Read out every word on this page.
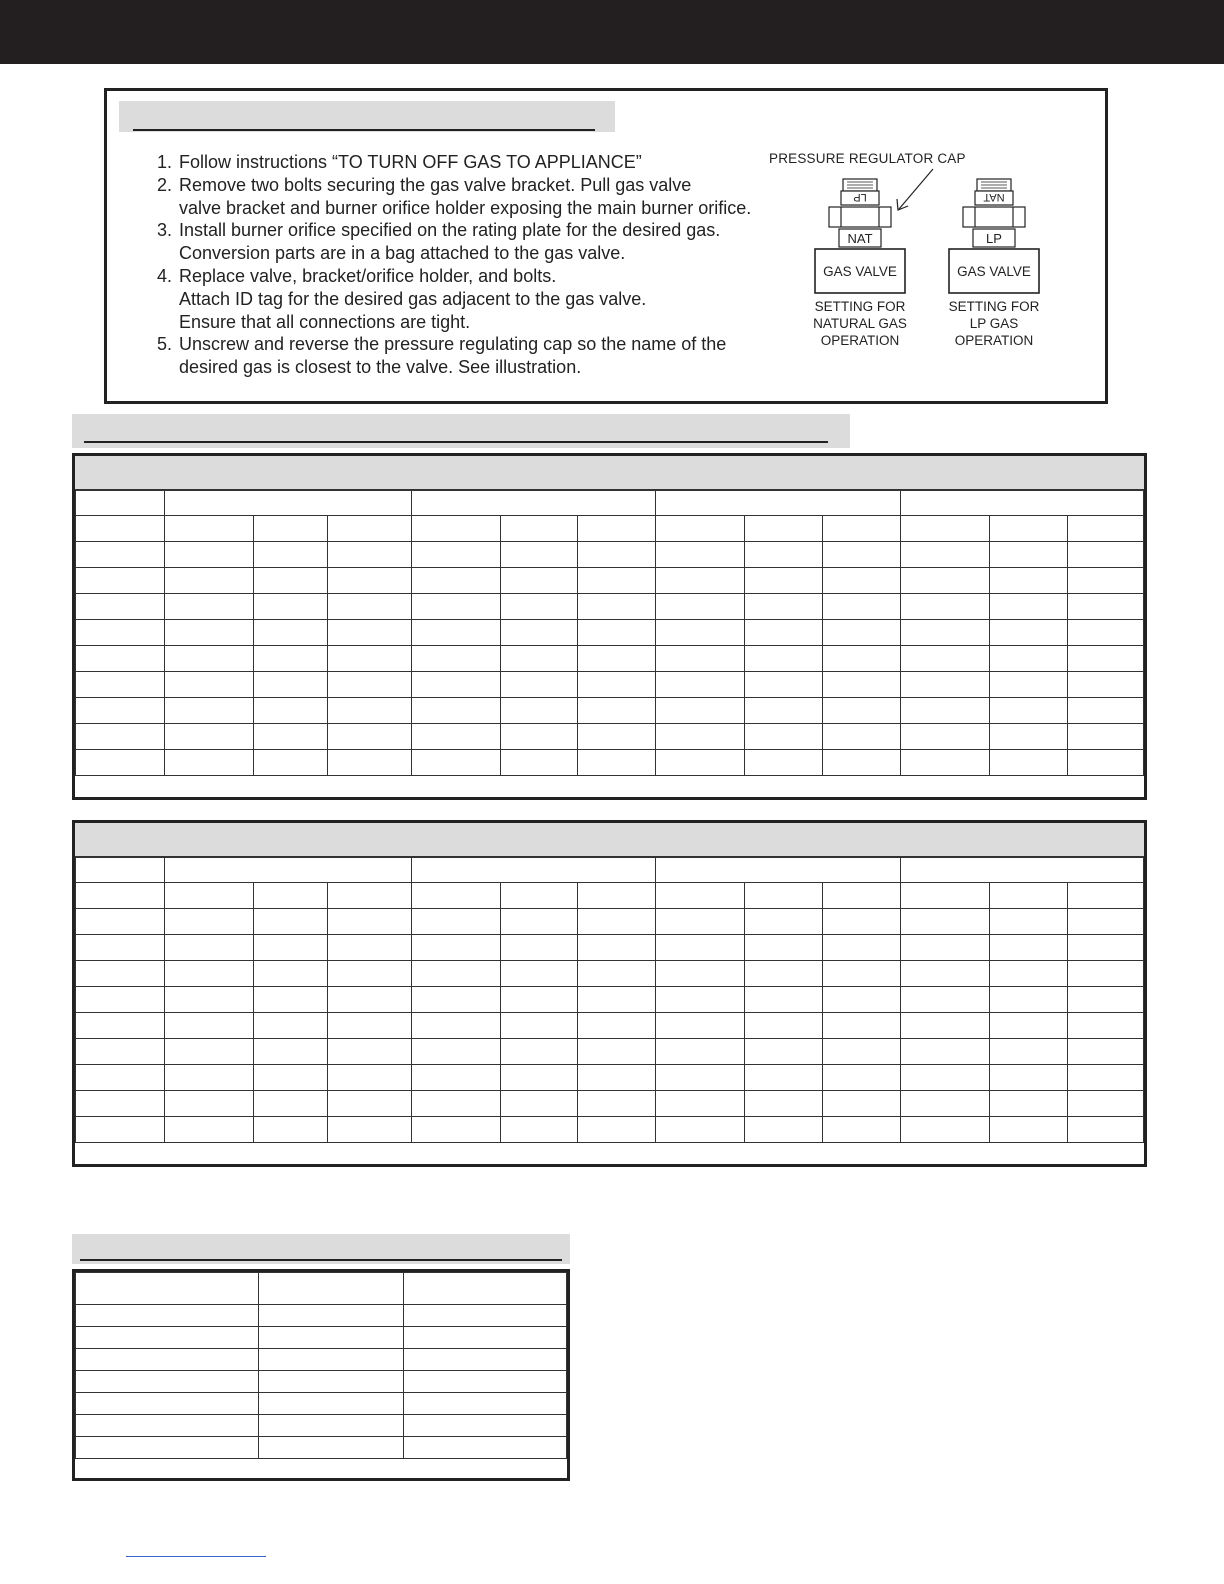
1. Follow instructions “TO TURN OFF GAS TO APPLIANCE”
2. Remove two bolts securing the gas valve bracket. Pull gas valve
valve bracket and burner orifice holder exposing the main burner orifice.
3. Install burner orifice specified on the rating plate for the desired gas.
Conversion parts are in a bag attached to the gas valve.
4. Replace valve, bracket/orifice holder, and bolts.
Attach ID tag for the desired gas adjacent to the gas valve.
Ensure that all connections are tight.
5. Unscrew and reverse the pressure regulating cap so the name of the
desired gas is closest to the valve. See illustration.
PRESSURE REGULATOR CAP
LP
NAT
GAS VALVE
NAT
LP
GAS VALVE
SETTING FOR
NATURAL GAS
OPERATION
SETTING FOR
LP GAS
OPERATION
